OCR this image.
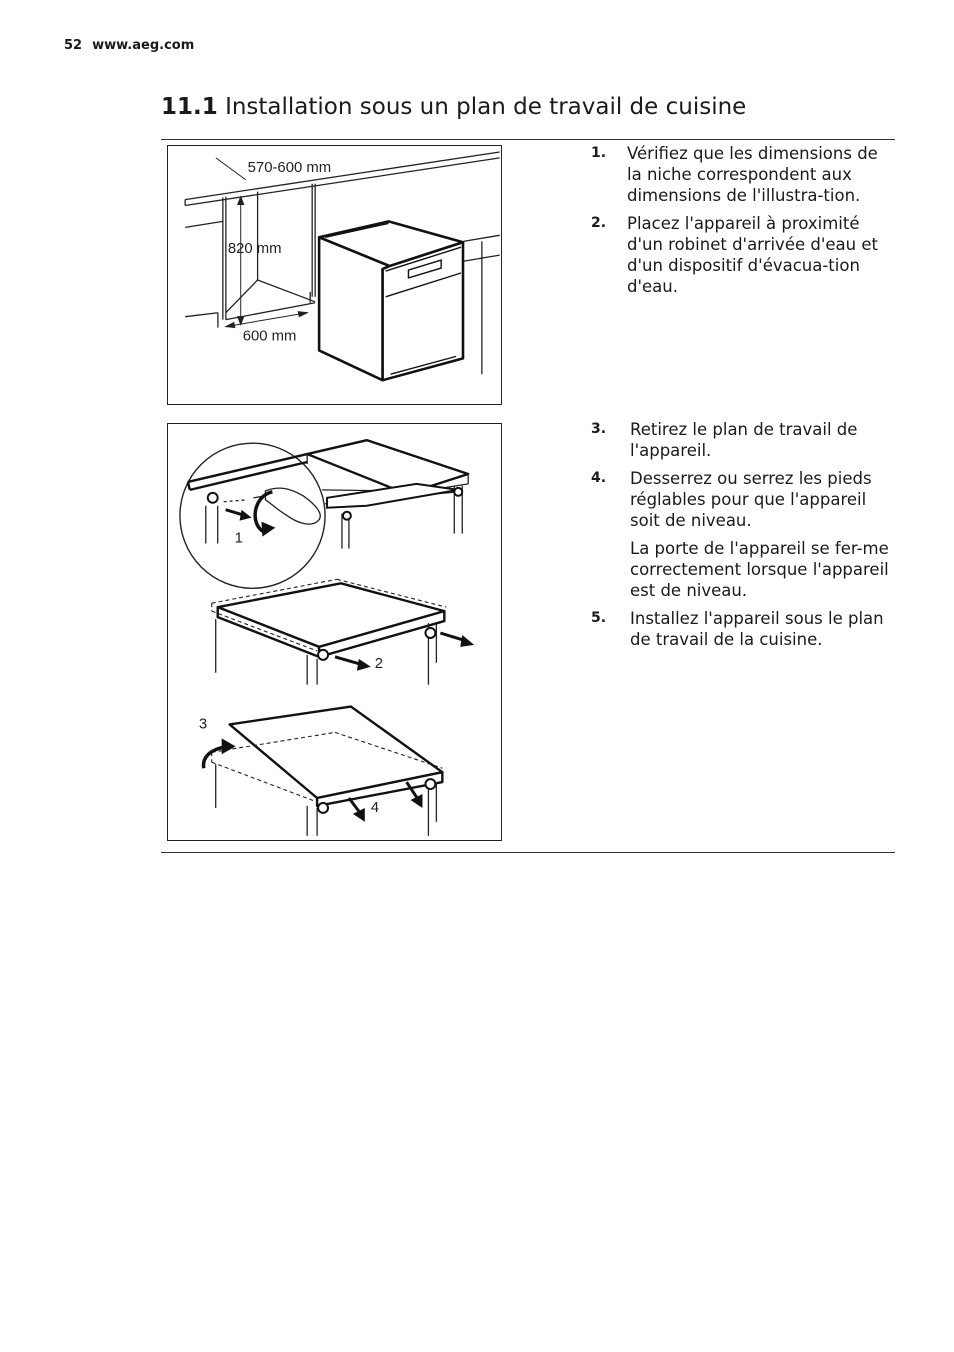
52 www.aeg.com
11.1 Installation sous un plan de travail de cuisine
570-600 mm
820 mm
600 mm
1
2
3
4
1. Vérifiez que les dimensions de la niche correspondent aux dimensions de l'illustra-tion.
2. Placez l'appareil à proximité d'un robinet d'arrivée d'eau et d'un dispositif d'évacua-tion d'eau.
3. Retirez le plan de travail de l'appareil.
4. Desserrez ou serrez les pieds réglables pour que l'appareil soit de niveau.
La porte de l'appareil se fer-me correctement lorsque l'appareil est de niveau.
5. Installez l'appareil sous le plan de travail de la cuisine.
